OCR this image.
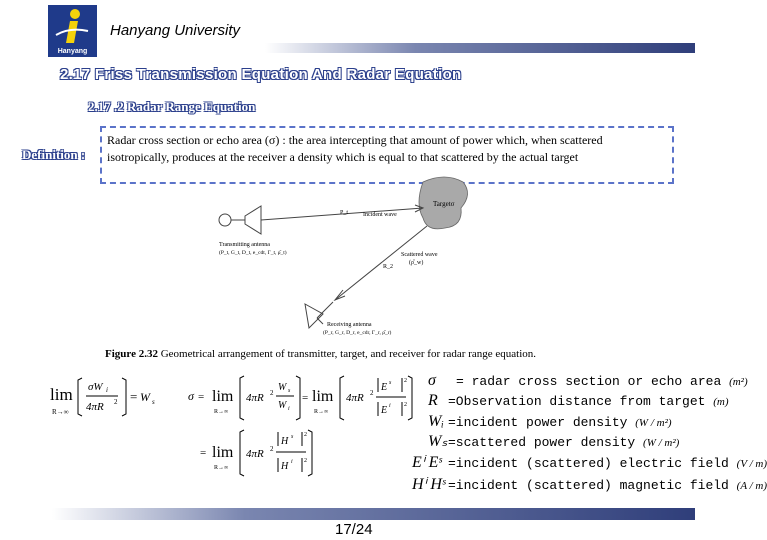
Hanyang
Hanyang University
2.17 Friss Transmission Equation And Radar Equation
2.17 .2 Radar Range Equation
Definition :
Radar cross section or echo area (σ) : the area intercepting that amount of power which, when scattered isotropically, produces at the receiver a density which is equal to that scattered by the actual target
Targetσ
P_t Incident wave
Transmitting antenna
(P_t, G_t, D_t, e_cdt, Γ_t, ρ̂_t)
R_2
Scattered wave
(ρ̂_w)
Receiving antenna
(P_r, G_r, D_r, e_cdr, Γ_r, ρ̂_r)
Figure 2.32 Geometrical arrangement of transmitter, target, and receiver for radar range equation.
lim
R→∞
σW i
4πR 2 = W s	σ = lim
R→∞
4πR 2 W s
W i
= lim
R→∞
4πR 2 E s 2
E i 2
= lim
R→∞
4πR 2
H s 2
H i 2
σ = radar cross section or echo area (m²)
R =Observation distance from target (m)
Wᵢ =incident power density (W / m²)
Wₛ=scattered power density (W / m²)
Eⁱ Eˢ =incident (scattered) electric field (V / m)
Hⁱ Hˢ =incident (scattered) magnetic field (A / m)
17/24
